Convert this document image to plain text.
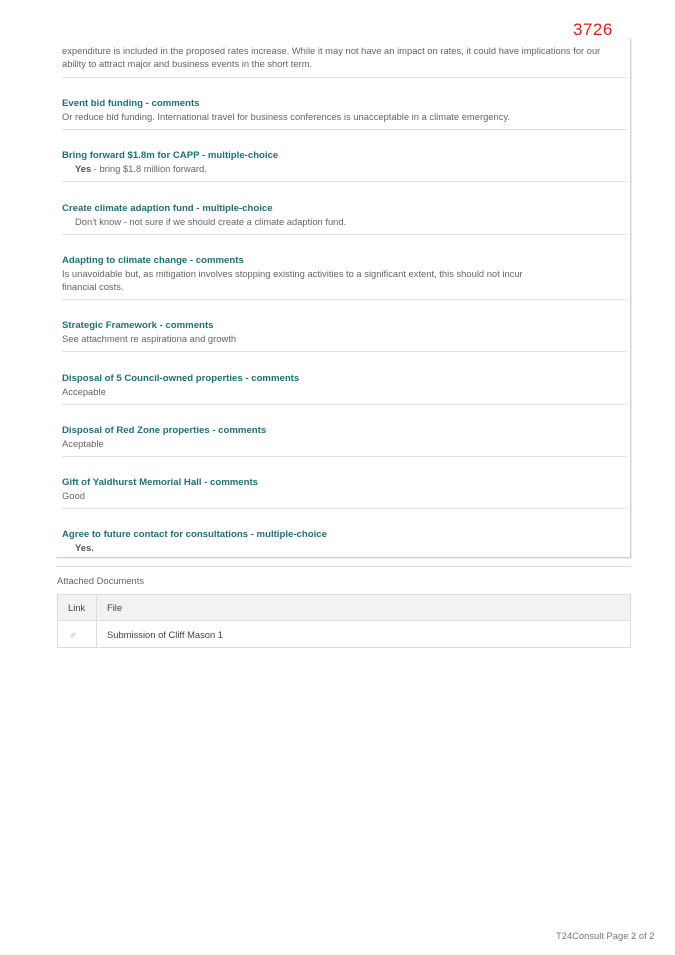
3726
expenditure is included in the proposed rates increase. While it may not have an impact on rates, it could have implications for our ability to attract major and business events in the short term.
Event bid funding - comments
Or reduce bid funding. International travel for business conferences is unacceptable in a climate emergency.
Bring forward $1.8m for CAPP - multiple-choice
Yes - bring $1.8 million forward.
Create climate adaption fund - multiple-choice
Don't know - not sure if we should create a climate adaption fund.
Adapting to climate change - comments
Is unavoidable but, as mitigation involves stopping existing activities to a significant extent, this should not incur financial costs.
Strategic Framework - comments
See attachment re aspirationa and growth
Disposal of 5 Council-owned properties - comments
Accepable
Disposal of Red Zone properties - comments
Aceptable
Gift of Yaldhurst Memorial Hall - comments
Good
Agree to future contact for consultations - multiple-choice
Yes.
Attached Documents
Link	File
✐	Submission of Cliff Mason 1
T24Consult Page 2 of 2
